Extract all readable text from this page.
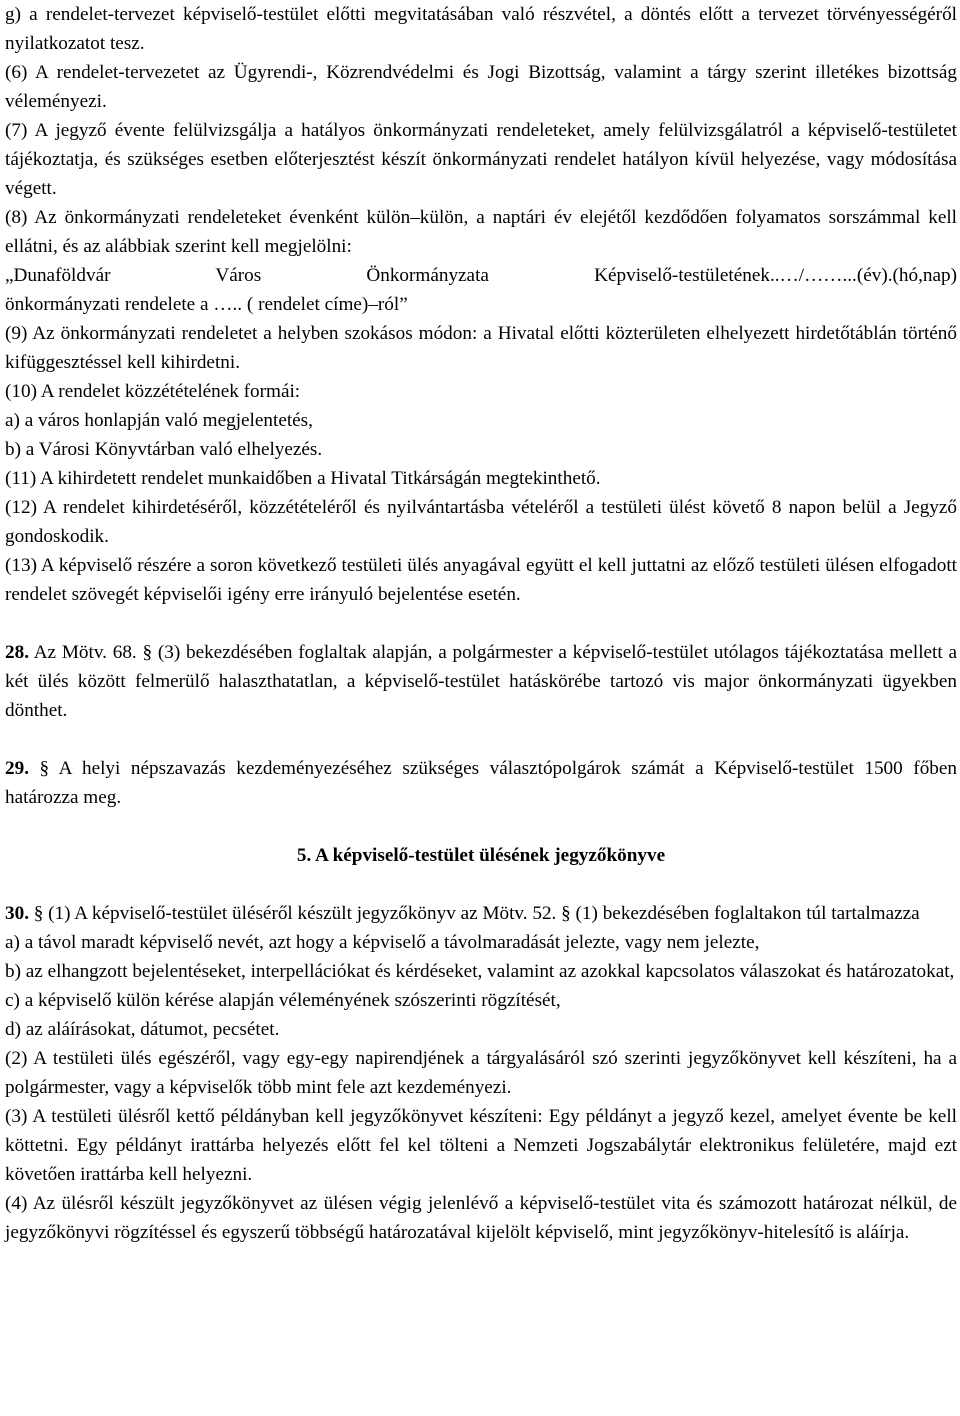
g) a rendelet-tervezet képviselő-testület előtti megvitatásában való részvétel, a döntés előtt a tervezet törvényességéről nyilatkozatot tesz.

(6) A rendelet-tervezetet az Ügyrendi-, Közrendvédelmi és Jogi Bizottság, valamint a tárgy szerint illetékes bizottság véleményezi.

(7) A jegyző évente felülvizsgálja a hatályos önkormányzati rendeleteket, amely felülvizsgálatról a képviselő-testületet tájékoztatja, és szükséges esetben előterjesztést készít önkormányzati rendelet hatályon kívül helyezése, vagy módosítása végett.

(8) Az önkormányzati rendeleteket évenként külön–külön, a naptári év elejétől kezdődően folyamatos sorszámmal kell ellátni, és az alábbiak szerint kell megjelölni:

„Dunaföldvár Város Önkormányzata Képviselő-testületének..…/……...(év).(hó,nap)

önkormányzati rendelete a ….. ( rendelet címe)–ról”

(9) Az önkormányzati rendeletet a helyben szokásos módon: a Hivatal előtti közterületen elhelyezett hirdetőtáblán történő kifüggesztéssel kell kihirdetni.

(10) A rendelet közzétételének formái:

a) a város honlapján való megjelentetés,

b) a Városi Könyvtárban való elhelyezés.

(11) A kihirdetett rendelet munkaidőben a Hivatal Titkárságán megtekinthető.

(12) A rendelet kihirdetéséről, közzétételéről és nyilvántartásba vételéről a testületi ülést követő 8 napon belül a Jegyző gondoskodik.

(13) A képviselő részére a soron következő testületi ülés anyagával együtt el kell juttatni az előző testületi ülésen elfogadott rendelet szövegét képviselői igény erre irányuló bejelentése esetén.

28. Az Mötv. 68. § (3) bekezdésében foglaltak alapján, a polgármester a képviselő-testület utólagos tájékoztatása mellett a két ülés között felmerülő halaszthatatlan, a képviselő-testület hatáskörébe tartozó vis major önkormányzati ügyekben dönthet.

29. § A helyi népszavazás kezdeményezéséhez szükséges választópolgárok számát a Képviselő-testület 1500 főben határozza meg.

5. A képviselő-testület ülésének jegyzőkönyve

30. § (1) A képviselő-testület üléséről készült jegyzőkönyv az Mötv. 52. § (1) bekezdésében foglaltakon túl tartalmazza

a) a távol maradt képviselő nevét, azt hogy a képviselő a távolmaradását jelezte, vagy nem jelezte,

b) az elhangzott bejelentéseket, interpellációkat és kérdéseket, valamint az azokkal kapcsolatos válaszokat és határozatokat,

c) a képviselő külön kérése alapján véleményének szószerinti rögzítését,

d) az aláírásokat, dátumot, pecsétet.

(2) A testületi ülés egészéről, vagy egy-egy napirendjének a tárgyalásáról szó szerinti jegyzőkönyvet kell készíteni, ha a polgármester, vagy a képviselők több mint fele azt kezdeményezi.

(3) A testületi ülésről kettő példányban kell jegyzőkönyvet készíteni: Egy példányt a jegyző kezel, amelyet évente be kell köttetni. Egy példányt irattárba helyezés előtt fel kel tölteni a Nemzeti Jogszabálytár elektronikus felületére, majd ezt követően irattárba kell helyezni.

(4) Az ülésről készült jegyzőkönyvet az ülésen végig jelenlévő a képviselő-testület vita és számozott határozat nélkül, de jegyzőkönyvi rögzítéssel és egyszerű többségű határozatával kijelölt képviselő, mint jegyzőkönyv-hitelesítő is aláírja.
